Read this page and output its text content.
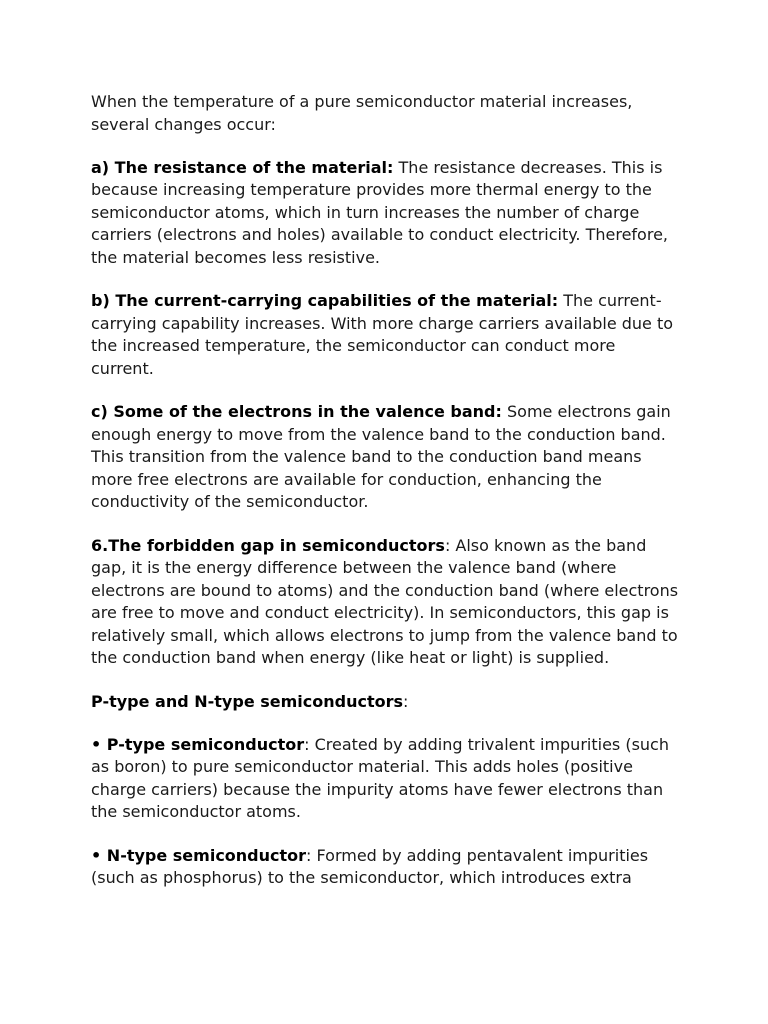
When the temperature of a pure semiconductor material increases, several changes occur:

a) The resistance of the material: The resistance decreases. This is because increasing temperature provides more thermal energy to the semiconductor atoms, which in turn increases the number of charge carriers (electrons and holes) available to conduct electricity. Therefore, the material becomes less resistive.

b) The current-carrying capabilities of the material: The current-carrying capability increases. With more charge carriers available due to the increased temperature, the semiconductor can conduct more current.

c) Some of the electrons in the valence band: Some electrons gain enough energy to move from the valence band to the conduction band. This transition from the valence band to the conduction band means more free electrons are available for conduction, enhancing the conductivity of the semiconductor.

6.The forbidden gap in semiconductors: Also known as the band gap, it is the energy difference between the valence band (where electrons are bound to atoms) and the conduction band (where electrons are free to move and conduct electricity). In semiconductors, this gap is relatively small, which allows electrons to jump from the valence band to the conduction band when energy (like heat or light) is supplied.

P-type and N-type semiconductors:

• P-type semiconductor: Created by adding trivalent impurities (such as boron) to pure semiconductor material. This adds holes (positive charge carriers) because the impurity atoms have fewer electrons than the semiconductor atoms.

• N-type semiconductor: Formed by adding pentavalent impurities (such as phosphorus) to the semiconductor, which introduces extra
